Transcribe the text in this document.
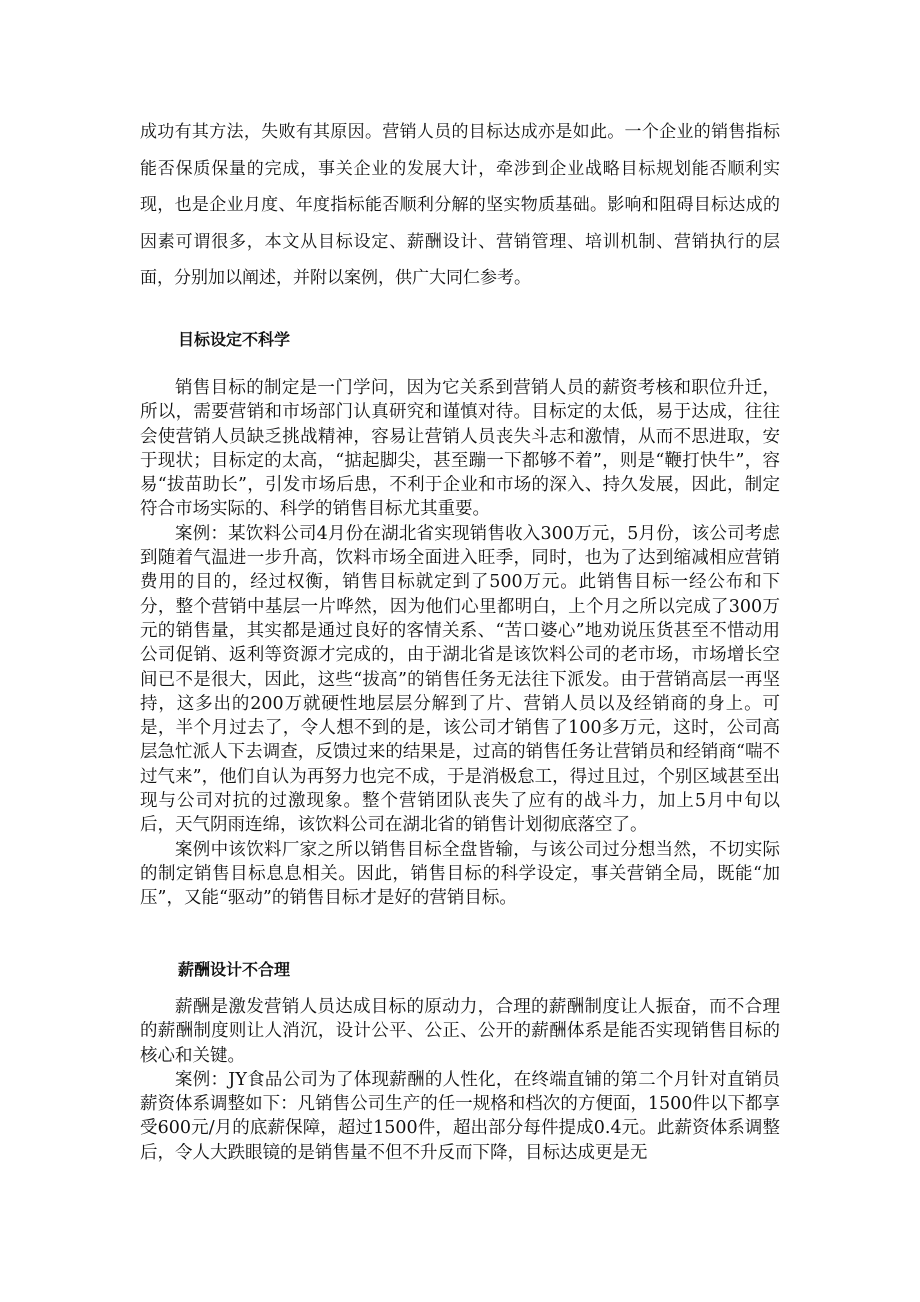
成功有其方法，失败有其原因。营销人员的目标达成亦是如此。一个企业的销售指标能否保质保量的完成，事关企业的发展大计，牵涉到企业战略目标规划能否顺利实现，也是企业月度、年度指标能否顺利分解的坚实物质基础。影响和阻碍目标达成的因素可谓很多，本文从目标设定、薪酬设计、营销管理、培训机制、营销执行的层面，分别加以阐述，并附以案例，供广大同仁参考。

目标设定不科学

销售目标的制定是一门学问，因为它关系到营销人员的薪资考核和职位升迁，所以，需要营销和市场部门认真研究和谨慎对待。目标定的太低，易于达成，往往会使营销人员缺乏挑战精神，容易让营销人员丧失斗志和激情，从而不思进取，安于现状；目标定的太高，“掂起脚尖，甚至蹦一下都够不着”，则是“鞭打快牛”，容易“拔苗助长”，引发市场后患，不利于企业和市场的深入、持久发展，因此，制定符合市场实际的、科学的销售目标尤其重要。

案例：某饮料公司4月份在湖北省实现销售收入300万元，5月份，该公司考虑到随着气温进一步升高，饮料市场全面进入旺季，同时，也为了达到缩减相应营销费用的目的，经过权衡，销售目标就定到了500万元。此销售目标一经公布和下分，整个营销中基层一片哗然，因为他们心里都明白，上个月之所以完成了300万元的销售量，其实都是通过良好的客情关系、“苦口婆心”地劝说压货甚至不惜动用公司促销、返利等资源才完成的，由于湖北省是该饮料公司的老市场，市场增长空间已不是很大，因此，这些“拔高”的销售任务无法往下派发。由于营销高层一再坚持，这多出的200万就硬性地层层分解到了片、营销人员以及经销商的身上。可是，半个月过去了，令人想不到的是，该公司才销售了100多万元，这时，公司高层急忙派人下去调查，反馈过来的结果是，过高的销售任务让营销员和经销商“喘不过气来”，他们自认为再努力也完不成，于是消极怠工，得过且过，个别区域甚至出现与公司对抗的过激现象。整个营销团队丧失了应有的战斗力，加上5月中旬以后，天气阴雨连绵，该饮料公司在湖北省的销售计划彻底落空了。

案例中该饮料厂家之所以销售目标全盘皆输，与该公司过分想当然，不切实际的制定销售目标息息相关。因此，销售目标的科学设定，事关营销全局，既能“加压”，又能“驱动”的销售目标才是好的营销目标。

薪酬设计不合理

薪酬是激发营销人员达成目标的原动力，合理的薪酬制度让人振奋，而不合理的薪酬制度则让人消沉，设计公平、公正、公开的薪酬体系是能否实现销售目标的核心和关键。

案例：JY食品公司为了体现薪酬的人性化，在终端直铺的第二个月针对直销员薪资体系调整如下：凡销售公司生产的任一规格和档次的方便面，1500件以下都享受600元/月的底薪保障，超过1500件，超出部分每件提成0.4元。此薪资体系调整后，令人大跌眼镜的是销售量不但不升反而下降，目标达成更是无
